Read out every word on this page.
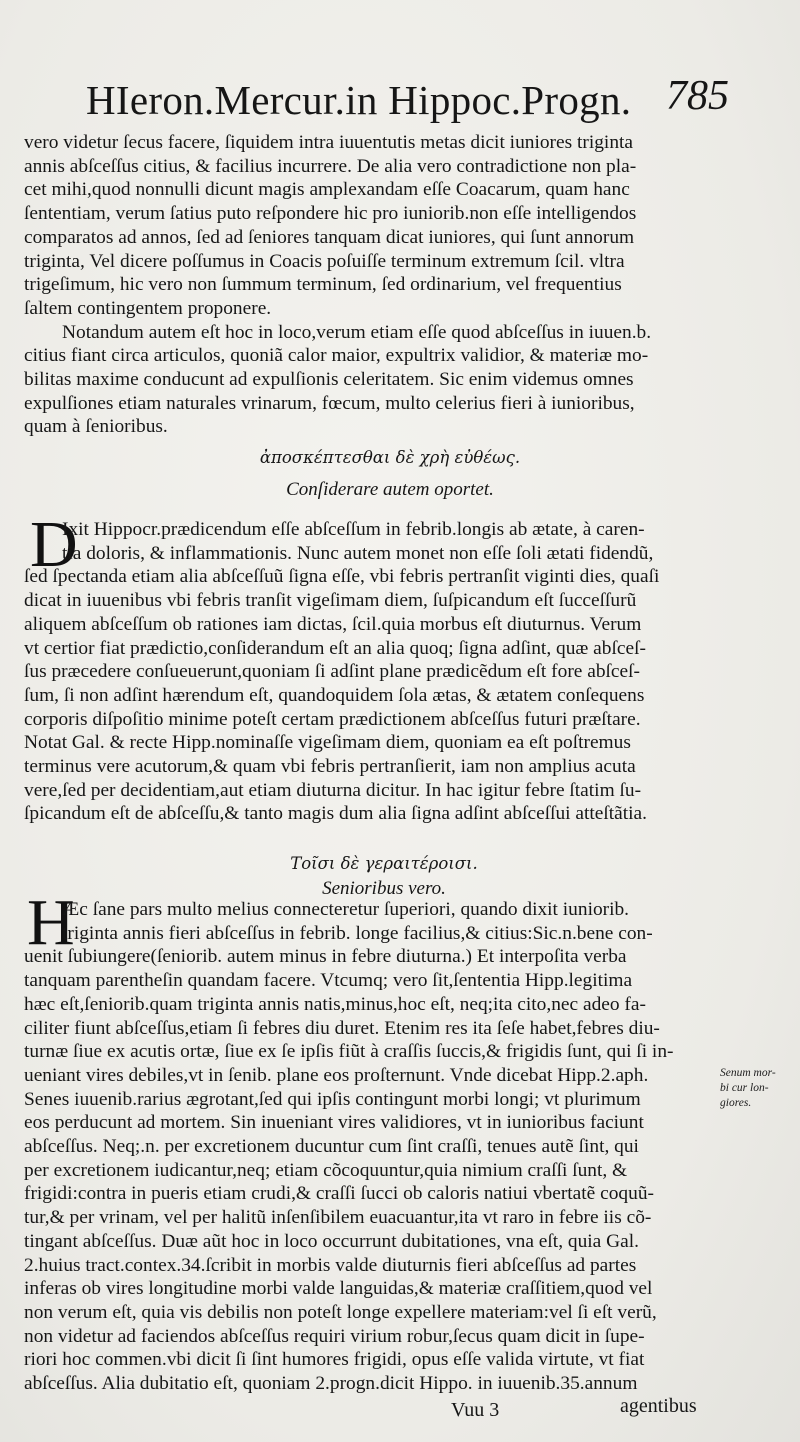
HIeron.Mercur.in Hippoc.Progn. 785
vero videtur ſecus facere, ſiquidem intra iuuentutis metas dicit iuniores triginta
annis abſceſſus citius, & facilius incurrere. De alia vero contradictione non pla-
cet mihi,quod nonnulli dicunt magis amplexandam eſſe Coacarum, quam hanc
ſententiam, verum ſatius puto reſpondere hic pro iuniorib.non eſſe intelligendos
comparatos ad annos, ſed ad ſeniores tanquam dicat iuniores, qui ſunt annorum
triginta, Vel dicere poſſumus in Coacis poſuiſſe terminum extremum ſcil. vltra
trigeſimum, hic vero non ſummum terminum, ſed ordinarium, vel frequentius
ſaltem contingentem proponere.
Notandum autem eſt hoc in loco,verum etiam eſſe quod abſceſſus in iuuen.b.
citius fiant circa articulos, quoniã calor maior, expultrix validior, & materiæ mo-
bilitas maxime conducunt ad expulſionis celeritatem. Sic enim videmus omnes
expulſiones etiam naturales vrinarum, fœcum, multo celerius fieri à iunioribus,
quam à ſenioribus.
ἀποσκέπτεσθαι δὲ χρὴ εὐθέως.
Conſiderare autem oportet.
D
Ixit Hippocr.prædicendum eſſe abſceſſum in febrib.longis ab ætate, à caren-
tia doloris, & inflammationis. Nunc autem monet non eſſe ſoli ætati fidendũ,
ſed ſpectanda etiam alia abſceſſuũ ſigna eſſe, vbi febris pertranſit viginti dies, quaſi
dicat in iuuenibus vbi febris tranſit vigeſimam diem, ſuſpicandum eſt ſucceſſurũ
aliquem abſceſſum ob rationes iam dictas, ſcil.quia morbus eſt diuturnus. Verum
vt certior fiat prædictio,conſiderandum eſt an alia quoq; ſigna adſint, quæ abſceſ-
ſus præcedere conſueuerunt,quoniam ſi adſint plane prædicẽdum eſt fore abſceſ-
ſum, ſi non adſint hærendum eſt, quandoquidem ſola ætas, & ætatem conſequens
corporis diſpoſitio minime poteſt certam prædictionem abſceſſus futuri præſtare.
Notat Gal. & recte Hipp.nominaſſe vigeſimam diem, quoniam ea eſt poſtremus
terminus vere acutorum,& quam vbi febris pertranſierit, iam non amplius acuta
vere,ſed per decidentiam,aut etiam diuturna dicitur. In hac igitur febre ſtatim ſu-
ſpicandum eſt de abſceſſu,& tanto magis dum alia ſigna adſint abſceſſui atteſtãtia.
Τοῖσι δὲ γεραιτέροισι.
Senioribus vero.
H
Æc ſane pars multo melius connecteretur ſuperiori, quando dixit iuniorib.
triginta annis fieri abſceſſus in febrib. longe facilius,& citius:Sic.n.bene con-
uenit ſubiungere(ſeniorib. autem minus in febre diuturna.) Et interpoſita verba
tanquam parentheſin quandam facere. Vtcumq; vero ſit,ſententia Hipp.legitima
hæc eſt,ſeniorib.quam triginta annis natis,minus,hoc eſt, neq;ita cito,nec adeo fa-
ciliter fiunt abſceſſus,etiam ſi febres diu duret. Etenim res ita ſeſe habet,febres diu-
turnæ ſiue ex acutis ortæ, ſiue ex ſe ipſis fiũt à craſſis ſuccis,& frigidis ſunt, qui ſi in-
ueniant vires debiles,vt in ſenib. plane eos proſternunt. Vnde dicebat Hipp.2.aph.
Senes iuuenib.rarius ægrotant,ſed qui ipſis contingunt morbi longi; vt plurimum
eos perducunt ad mortem. Sin inueniant vires validiores, vt in iunioribus faciunt
abſceſſus. Neq;.n. per excretionem ducuntur cum ſint craſſi, tenues autẽ ſint, qui
per excretionem iudicantur,neq; etiam cõcoquuntur,quia nimium craſſi ſunt, &
frigidi:contra in pueris etiam crudi,& craſſi ſucci ob caloris natiui vbertatẽ coquũ-
tur,& per vrinam, vel per halitũ inſenſibilem euacuantur,ita vt raro in febre iis cõ-
tingant abſceſſus. Duæ aũt hoc in loco occurrunt dubitationes, vna eſt, quia Gal.
2.huius tract.contex.34.ſcribit in morbis valde diuturnis fieri abſceſſus ad partes
inferas ob vires longitudine morbi valde languidas,& materiæ craſſitiem,quod vel
non verum eſt, quia vis debilis non poteſt longe expellere materiam:vel ſi eſt verũ,
non videtur ad faciendos abſceſſus requiri virium robur,ſecus quam dicit in ſupe-
riori hoc commen.vbi dicit ſi ſint humores frigidi, opus eſſe valida virtute, vt fiat
abſceſſus. Alia dubitatio eſt, quoniam 2.progn.dicit Hippo. in iuuenib.35.annum
Senum mor-
bi cur lon-
giores.
Vuu 3	agentibus
